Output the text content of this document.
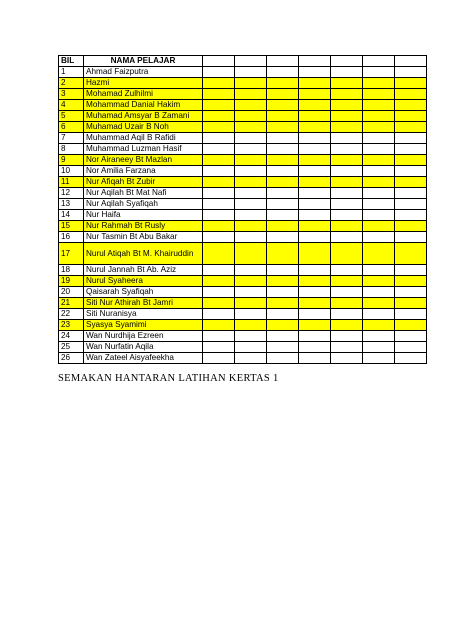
BIL	NAMA PELAJAR							
1	Ahmad Faizputra							
2	Hazmi							
3	Mohamad Zulhilmi							
4	Mohammad Danial Hakim							
5	Muhamad Amsyar B Zamani							
6	Muhamad Uzair B Noh							
7	Muhammad Aqil B Rafidi							
8	Muhammad Luzman Hasif							
9	Nor Airaneey Bt Mazlan							
10	Nor Amilia Farzana							
11	Nur Afiqah Bt Zubir							
12	Nur Aqilah Bt Mat Nafi							
13	Nur Aqilah Syafiqah							
14	Nur Haifa							
15	Nur Rahmah Bt Rusly							
16	Nur Tasmin Bt Abu Bakar							
17	Nurul Atiqah Bt M. Khairuddin							
18	Nurul Jannah Bt Ab. Aziz							
19	Nurul Syaheera							
20	Qaisarah Syafiqah							
21	Siti Nur Athirah Bt Jamri							
22	Siti Nuranisya							
23	Syasya Syamimi							
24	Wan Nurdhija Ezreen							
25	Wan Nurfatin Aqila							
26	Wan Zateel Aisyafeekha							
SEMAKAN HANTARAN LATIHAN KERTAS 1
